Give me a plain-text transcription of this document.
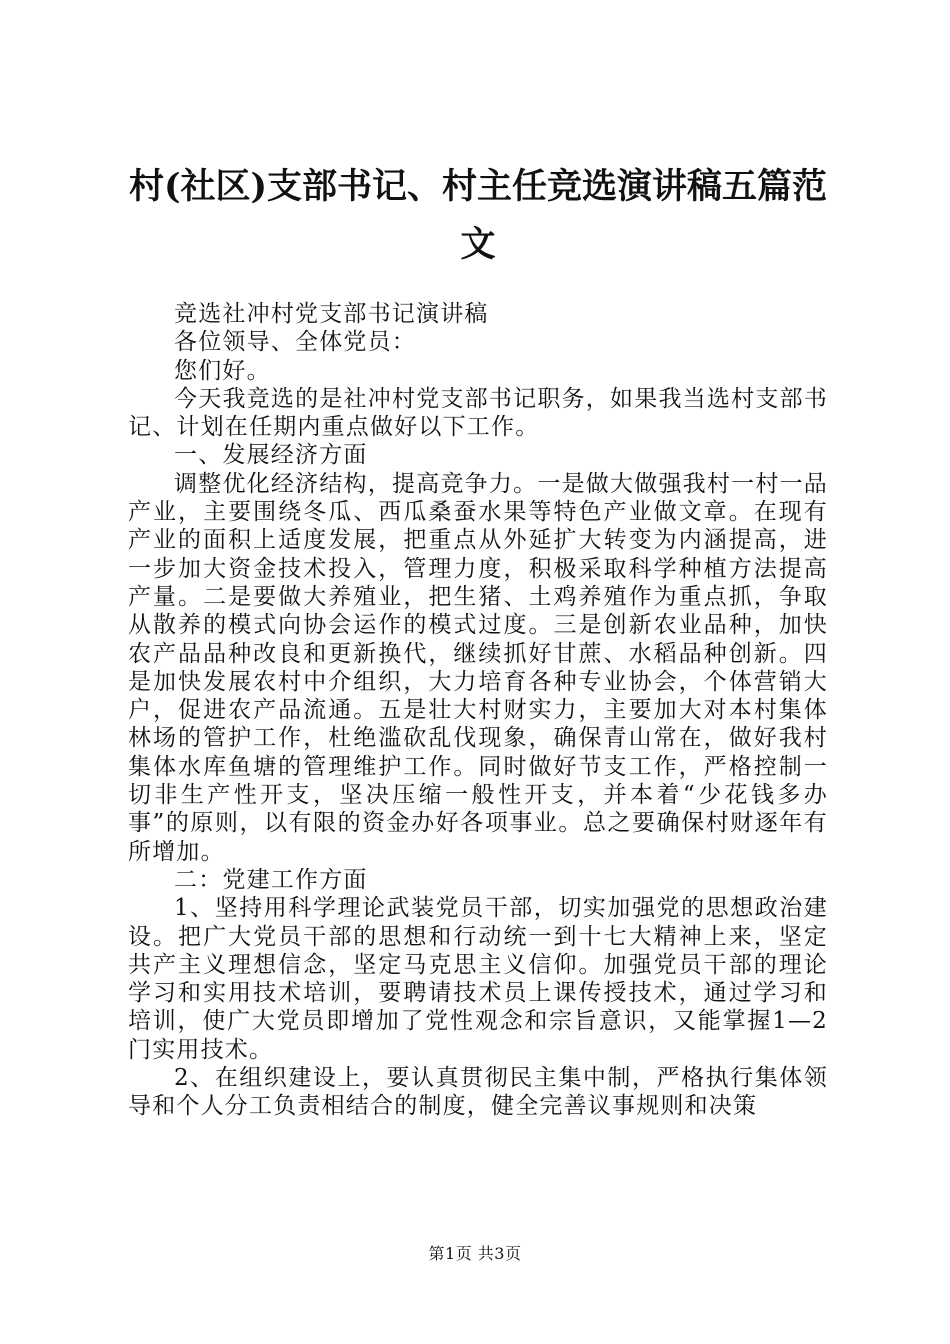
村(社区)支部书记、村主任竞选演讲稿五篇范文

竞选社冲村党支部书记演讲稿

各位领导、全体党员：

您们好。

今天我竞选的是社冲村党支部书记职务，如果我当选村支部书记、计划在任期内重点做好以下工作。

一、发展经济方面

调整优化经济结构，提高竞争力。一是做大做强我村一村一品产业，主要围绕冬瓜、西瓜桑蚕水果等特色产业做文章。在现有产业的面积上适度发展，把重点从外延扩大转变为内涵提高，进一步加大资金技术投入，管理力度，积极采取科学种植方法提高产量。二是要做大养殖业，把生猪、土鸡养殖作为重点抓，争取从散养的模式向协会运作的模式过度。三是创新农业品种，加快农产品品种改良和更新换代，继续抓好甘蔗、水稻品种创新。四是加快发展农村中介组织，大力培育各种专业协会，个体营销大户，促进农产品流通。五是壮大村财实力，主要加大对本村集体林场的管护工作，杜绝滥砍乱伐现象，确保青山常在，做好我村集体水库鱼塘的管理维护工作。同时做好节支工作，严格控制一切非生产性开支，坚决压缩一般性开支，并本着“少花钱多办事”的原则，以有限的资金办好各项事业。总之要确保村财逐年有所增加。

二：党建工作方面

1、坚持用科学理论武装党员干部，切实加强党的思想政治建设。把广大党员干部的思想和行动统一到十七大精神上来，坚定共产主义理想信念，坚定马克思主义信仰。加强党员干部的理论学习和实用技术培训，要聘请技术员上课传授技术，通过学习和培训，使广大党员即增加了党性观念和宗旨意识，又能掌握1—2门实用技术。

2、在组织建设上，要认真贯彻民主集中制，严格执行集体领导和个人分工负责相结合的制度，健全完善议事规则和决策

第1页 共3页
